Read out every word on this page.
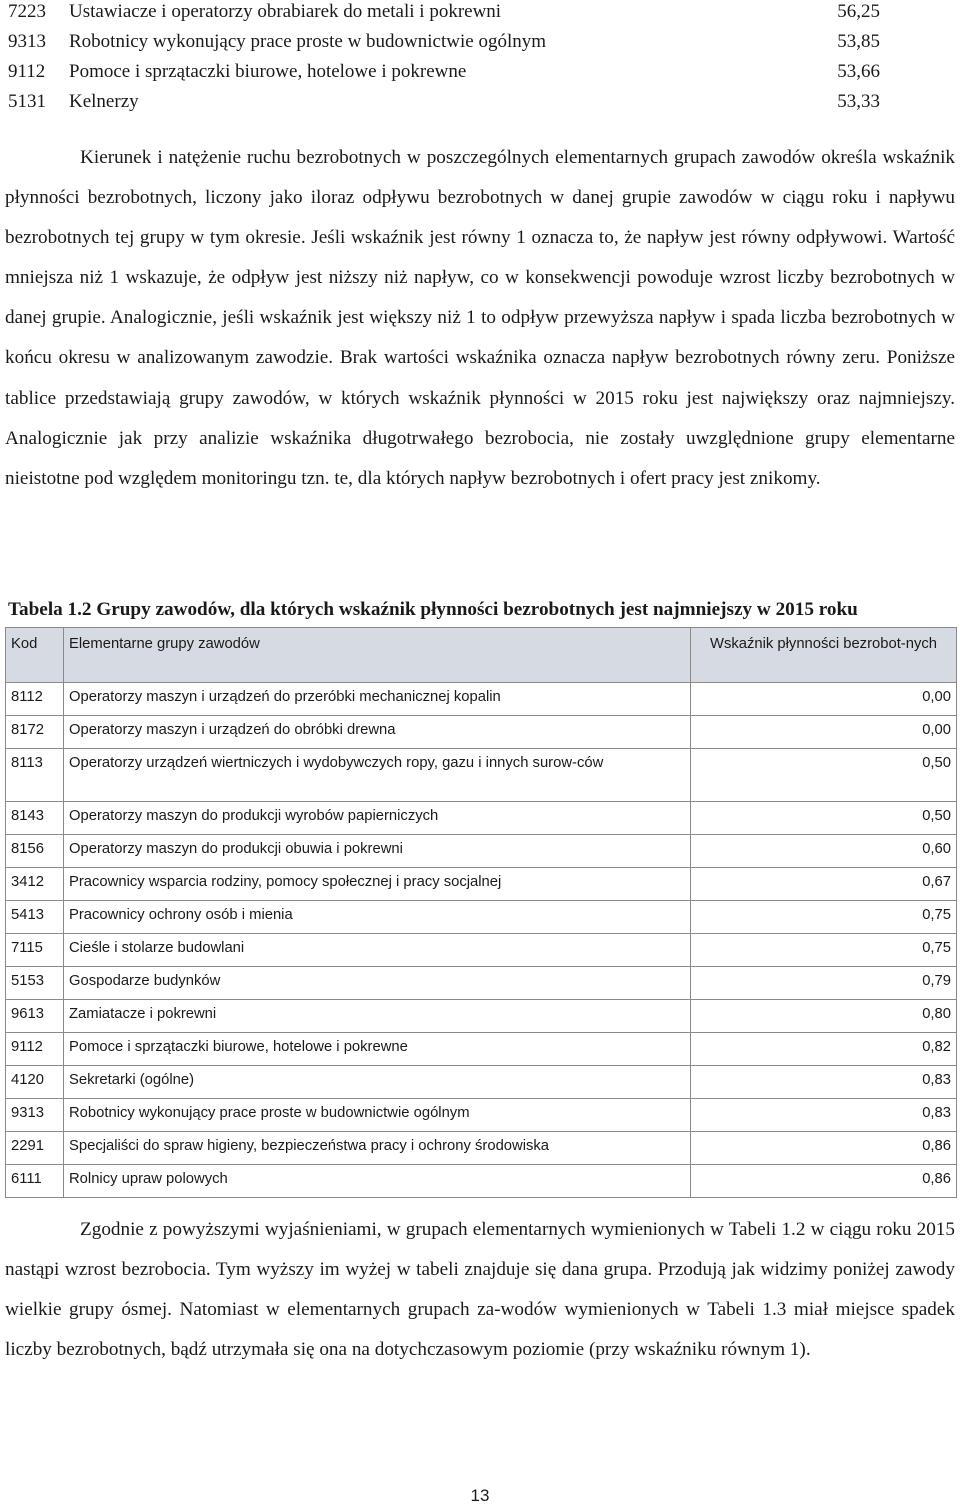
7223 Ustawiacze i operatorzy obrabiarek do metali i pokrewni	56,25
9313 Robotnicy wykonujący prace proste w budownictwie ogólnym	53,85
9112 Pomoce i sprzątaczki biurowe, hotelowe i pokrewne	53,66
5131 Kelnerzy	53,33

Kierunek i natężenie ruchu bezrobotnych w poszczególnych elementarnych grupach zawodów określa wskaźnik płynności bezrobotnych, liczony jako iloraz odpływu bezrobotnych w danej grupie zawodów w ciągu roku i napływu bezrobotnych tej grupy w tym okresie. Jeśli wskaźnik jest równy 1 oznacza to, że napływ jest równy odpływowi. Wartość mniejsza niż 1 wskazuje, że odpływ jest niższy niż napływ, co w konsekwencji powoduje wzrost liczby bezrobotnych w danej grupie. Analogicznie, jeśli wskaźnik jest większy niż 1 to odpływ przewyższa napływ i spada liczba bezrobotnych w końcu okresu w analizowanym zawodzie. Brak wartości wskaźnika oznacza napływ bezrobotnych równy zeru. Poniższe tablice przedstawiają grupy zawodów, w których wskaźnik płynności w 2015 roku jest największy oraz najmniejszy. Analogicznie jak przy analizie wskaźnika długotrwałego bezrobocia, nie zostały uwzględnione grupy elementarne nieistotne pod względem monitoringu tzn. te, dla których napływ bezrobotnych i ofert pracy jest znikomy.

Tabela 1.2 Grupy zawodów, dla których wskaźnik płynności bezrobotnych jest najmniejszy w 2015 roku

Kod	Elementarne grupy zawodów	Wskaźnik płynności bezrobot-nych
8112	Operatorzy maszyn i urządzeń do przeróbki mechanicznej kopalin	0,00
8172	Operatorzy maszyn i urządzeń do obróbki drewna	0,00
8113	Operatorzy urządzeń wiertniczych i wydobywczych ropy, gazu i innych surow-ców	0,50
8143	Operatorzy maszyn do produkcji wyrobów papierniczych	0,50
8156	Operatorzy maszyn do produkcji obuwia i pokrewni	0,60
3412	Pracownicy wsparcia rodziny, pomocy społecznej i pracy socjalnej	0,67
5413	Pracownicy ochrony osób i mienia	0,75
7115	Cieśle i stolarze budowlani	0,75
5153	Gospodarze budynków	0,79
9613	Zamiatacze i pokrewni	0,80
9112	Pomoce i sprzątaczki biurowe, hotelowe i pokrewne	0,82
4120	Sekretarki (ogólne)	0,83
9313	Robotnicy wykonujący prace proste w budownictwie ogólnym	0,83
2291	Specjaliści do spraw higieny, bezpieczeństwa pracy i ochrony środowiska	0,86
6111	Rolnicy upraw polowych	0,86

Zgodnie z powyższymi wyjaśnieniami, w grupach elementarnych wymienionych w Tabeli 1.2 w ciągu roku 2015 nastąpi wzrost bezrobocia. Tym wyższy im wyżej w tabeli znajduje się dana grupa. Przodują jak widzimy poniżej zawody wielkie grupy ósmej. Natomiast w elementarnych grupach za-wodów wymienionych w Tabeli 1.3 miał miejsce spadek liczby bezrobotnych, bądź utrzymała się ona na dotychczasowym poziomie (przy wskaźniku równym 1).

13
